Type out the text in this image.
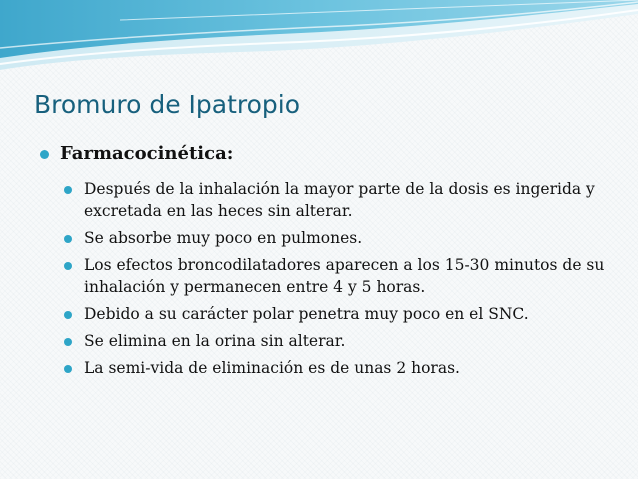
Bromuro de Ipatropio
Farmacocinética:
Después de la inhalación la mayor parte de la dosis es ingerida y excretada en las heces sin alterar.
Se absorbe muy poco en pulmones.
Los efectos broncodilatadores aparecen a los 15-30 minutos de su inhalación y permanecen entre 4 y 5 horas.
Debido a su carácter polar penetra muy poco en el SNC.
Se elimina en la orina sin alterar.
La semi-vida de eliminación es de unas 2 horas.
